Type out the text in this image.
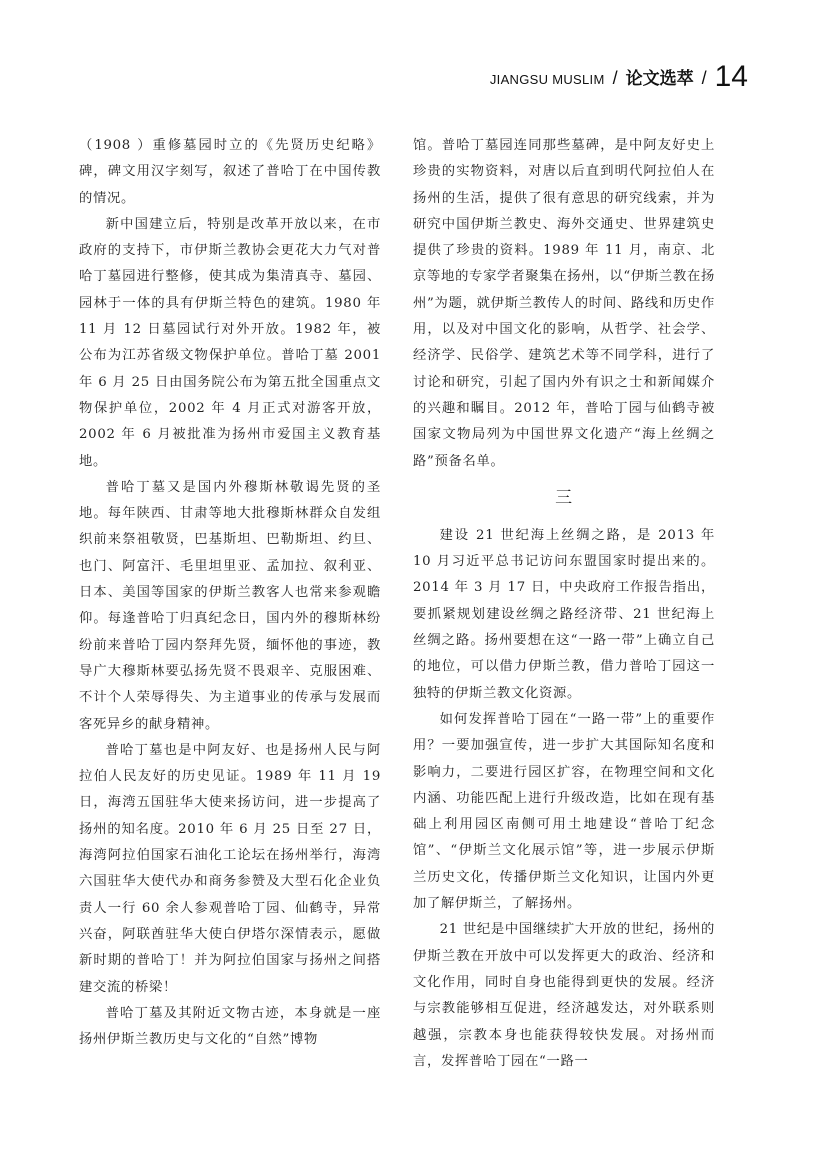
JIANGSU MUSLIM / 论文选萃 / 14

（1908 ）重修墓园时立的《先贤历史纪略》碑，碑文用汉字刻写，叙述了普哈丁在中国传教的情况。

新中国建立后，特别是改革开放以来，在市政府的支持下，市伊斯兰教协会更花大力气对普哈丁墓园进行整修，使其成为集清真寺、墓园、园林于一体的具有伊斯兰特色的建筑。1980 年 11 月 12 日墓园试行对外开放。1982 年，被公布为江苏省级文物保护单位。普哈丁墓 2001 年 6 月 25 日由国务院公布为第五批全国重点文物保护单位，2002 年 4 月正式对游客开放，2002 年 6 月被批准为扬州市爱国主义教育基地。

普哈丁墓又是国内外穆斯林敬谒先贤的圣地。每年陕西、甘肃等地大批穆斯林群众自发组织前来祭祖敬贤，巴基斯坦、巴勒斯坦、约旦、也门、阿富汗、毛里坦里亚、孟加拉、叙利亚、日本、美国等国家的伊斯兰教客人也常来参观瞻仰。每逢普哈丁归真纪念日，国内外的穆斯林纷纷前来普哈丁园内祭拜先贤，缅怀他的事迹，教导广大穆斯林要弘扬先贤不畏艰辛、克服困难、不计个人荣辱得失、为主道事业的传承与发展而客死异乡的献身精神。

普哈丁墓也是中阿友好、也是扬州人民与阿拉伯人民友好的历史见证。1989 年 11 月 19 日，海湾五国驻华大使来扬访问，进一步提高了扬州的知名度。2010 年 6 月 25 日至 27 日，海湾阿拉伯国家石油化工论坛在扬州举行，海湾六国驻华大使代办和商务参赞及大型石化企业负责人一行 60 余人参观普哈丁园、仙鹤寺，异常兴奋，阿联酋驻华大使白伊塔尔深情表示，愿做新时期的普哈丁！并为阿拉伯国家与扬州之间搭建交流的桥梁！

普哈丁墓及其附近文物古迹，本身就是一座扬州伊斯兰教历史与文化的“自然”博物

馆。普哈丁墓园连同那些墓碑，是中阿友好史上珍贵的实物资料，对唐以后直到明代阿拉伯人在扬州的生活，提供了很有意思的研究线索，并为研究中国伊斯兰教史、海外交通史、世界建筑史提供了珍贵的资料。1989 年 11 月，南京、北京等地的专家学者聚集在扬州，以“伊斯兰教在扬州”为题，就伊斯兰教传人的时间、路线和历史作用，以及对中国文化的影响，从哲学、社会学、经济学、民俗学、建筑艺术等不同学科，进行了讨论和研究，引起了国内外有识之士和新闻媒介的兴趣和瞩目。2012 年，普哈丁园与仙鹤寺被国家文物局列为中国世界文化遗产“海上丝绸之路”预备名单。

三

建设 21 世纪海上丝绸之路，是 2013 年 10 月习近平总书记访问东盟国家时提出来的。2014 年 3 月 17 日，中央政府工作报告指出，要抓紧规划建设丝绸之路经济带、21 世纪海上丝绸之路。扬州要想在这“一路一带”上确立自己的地位，可以借力伊斯兰教，借力普哈丁园这一独特的伊斯兰教文化资源。

如何发挥普哈丁园在“一路一带”上的重要作用？一要加强宣传，进一步扩大其国际知名度和影响力，二要进行园区扩容，在物理空间和文化内涵、功能匹配上进行升级改造，比如在现有基础上利用园区南侧可用土地建设“普哈丁纪念馆”、“伊斯兰文化展示馆”等，进一步展示伊斯兰历史文化，传播伊斯兰文化知识，让国内外更加了解伊斯兰，了解扬州。

21 世纪是中国继续扩大开放的世纪，扬州的伊斯兰教在开放中可以发挥更大的政治、经济和文化作用，同时自身也能得到更快的发展。经济与宗教能够相互促进，经济越发达，对外联系则越强，宗教本身也能获得较快发展。对扬州而言，发挥普哈丁园在“一路一
